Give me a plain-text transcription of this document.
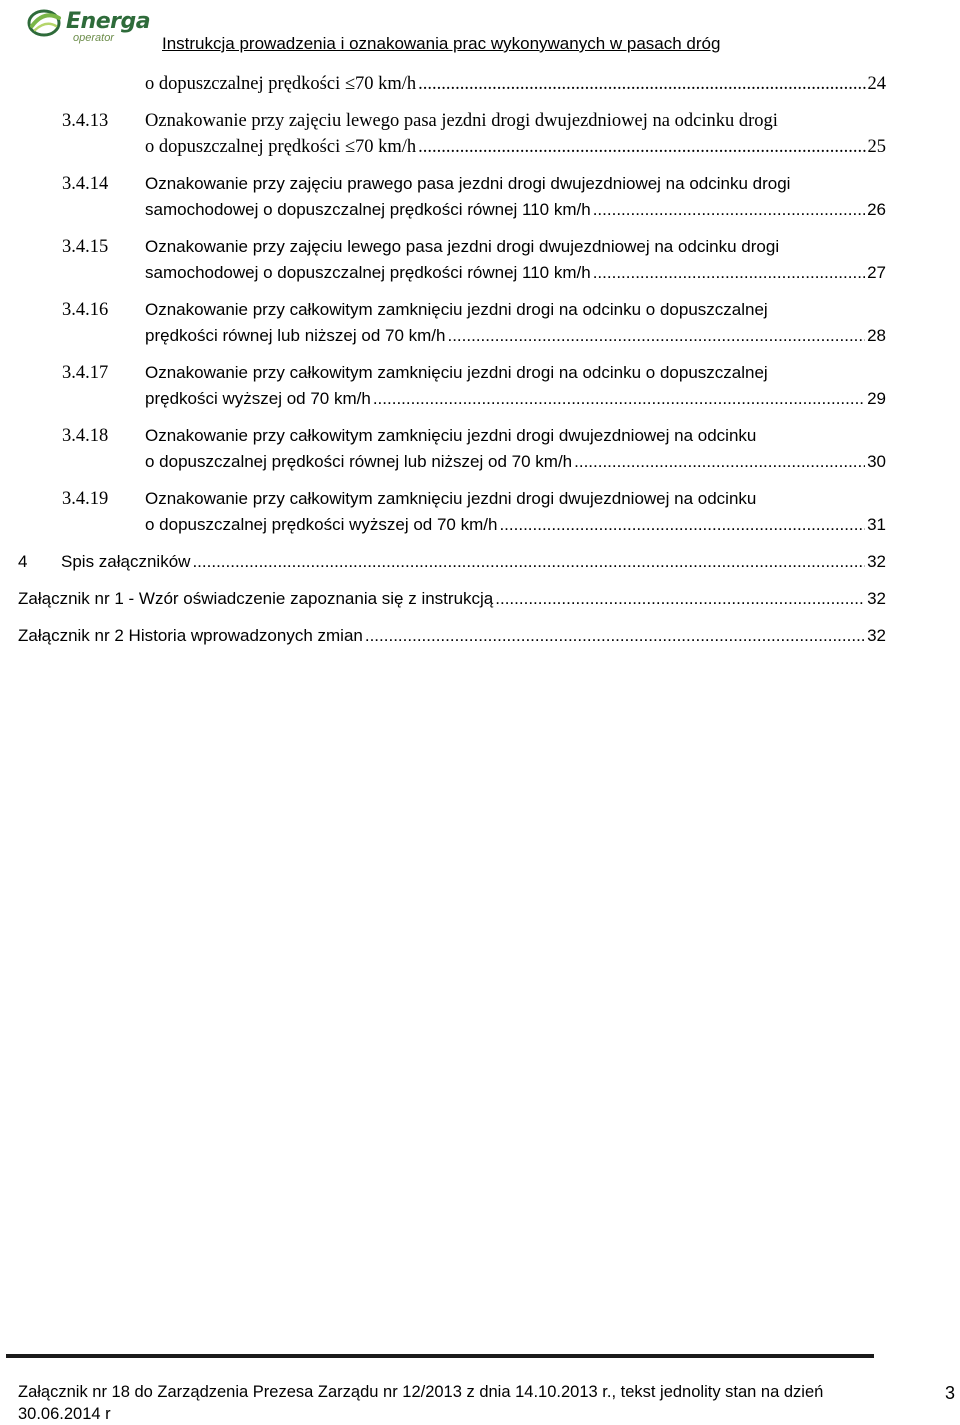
Energa
operator	Instrukcja prowadzenia i oznakowania prac wykonywanych w pasach dróg
o dopuszczalnej prędkości ≤70 km/h .....	24
3.4.13 Oznakowanie przy zajęciu lewego pasa jezdni drogi dwujezdniowej na odcinku drogi
o dopuszczalnej prędkości ≤70 km/h .....	25
3.4.14 Oznakowanie przy zajęciu prawego pasa jezdni drogi dwujezdniowej na odcinku drogi
samochodowej o dopuszczalnej prędkości równej 110 km/h .....	26
3.4.15 Oznakowanie przy zajęciu lewego pasa jezdni drogi dwujezdniowej na odcinku drogi
samochodowej o dopuszczalnej prędkości równej 110 km/h .....	27
3.4.16 Oznakowanie przy całkowitym zamknięciu jezdni drogi na odcinku o dopuszczalnej
prędkości równej lub niższej od 70 km/h .....	28
3.4.17 Oznakowanie przy całkowitym zamknięciu jezdni drogi na odcinku o dopuszczalnej
prędkości wyższej od 70 km/h .....	29
3.4.18 Oznakowanie przy całkowitym zamknięciu jezdni drogi dwujezdniowej na odcinku
o dopuszczalnej prędkości równej lub niższej od 70 km/h .....	30
3.4.19 Oznakowanie przy całkowitym zamknięciu jezdni drogi dwujezdniowej na odcinku
o dopuszczalnej prędkości wyższej od 70 km/h .....	31
4 Spis załączników .....	32
Załącznik nr 1 - Wzór oświadczenie zapoznania się z instrukcją .....	32
Załącznik nr 2 Historia wprowadzonych zmian .....	32
Załącznik nr 18 do Zarządzenia Prezesa Zarządu nr 12/2013 z dnia 14.10.2013 r., tekst jednolity stan na dzień
30.06.2014 r
3
